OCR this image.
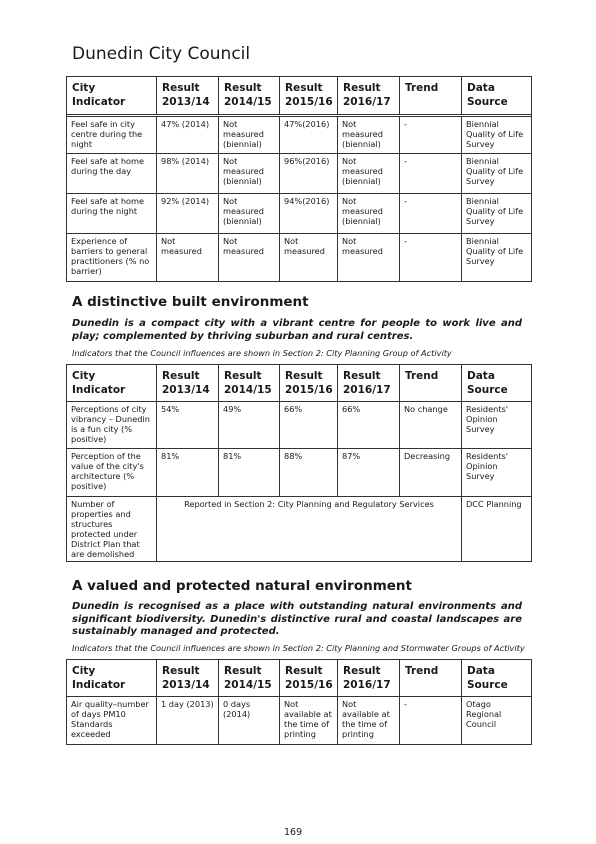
Dunedin City Council
City Indicator	Result 2013/14	Result 2014/15	Result 2015/16	Result 2016/17	Trend	Data Source

Feel safe in city centre during the night	47% (2014)	Not measured (biennial)	47%(2016)	Not measured (biennial)	-	Biennial Quality of Life Survey
Feel safe at home during the day	98% (2014)	Not measured (biennial)	96%(2016)	Not measured (biennial)	-	Biennial Quality of Life Survey
Feel safe at home during the night	92% (2014)	Not measured (biennial)	94%(2016)	Not measured (biennial)	-	Biennial Quality of Life Survey
Experience of barriers to general practitioners (% no barrier)	Not measured	Not measured	Not measured	Not measured	-	Biennial Quality of Life Survey
A distinctive built environment
Dunedin is a compact city with a vibrant centre for people to work live and play; complemented by thriving suburban and rural centres.
Indicators that the Council influences are shown in Section 2: City Planning Group of Activity
City Indicator	Result 2013/14	Result 2014/15	Result 2015/16	Result 2016/17	Trend	Data Source
Perceptions of city vibrancy – Dunedin is a fun city (% positive)	54%	49%	66%	66%	No change	Residents' Opinion Survey
Perception of the value of the city's architecture (% positive)	81%	81%	88%	87%	Decreasing	Residents' Opinion Survey
Number of properties and structures protected under District Plan that are demolished	Reported in Section 2: City Planning and Regulatory Services					DCC Planning
A valued and protected natural environment
Dunedin is recognised as a place with outstanding natural environments and significant biodiversity. Dunedin's distinctive rural and coastal landscapes are sustainably managed and protected.
Indicators that the Council influences are shown in Section 2: City Planning and Stormwater Groups of Activity
City Indicator	Result 2013/14	Result 2014/15	Result 2015/16	Result 2016/17	Trend	Data Source
Air quality–number of days PM10 Standards exceeded	1 day (2013)	0 days (2014)	Not available at the time of printing	Not available at the time of printing	-	Otago Regional Council
169
